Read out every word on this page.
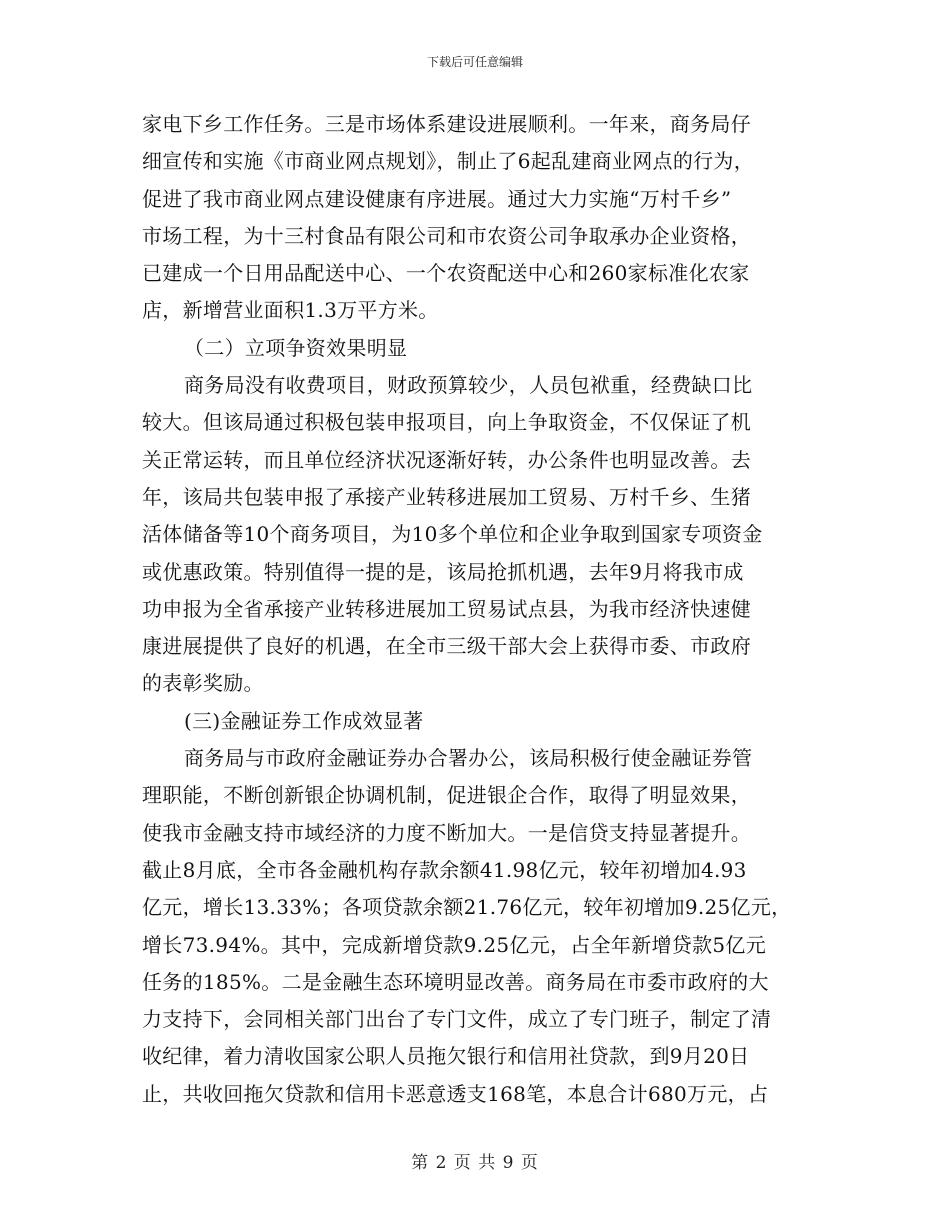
下载后可任意编辑
家电下乡工作任务。三是市场体系建设进展顺利。一年来，商务局仔
细宣传和实施《市商业网点规划》，制止了6起乱建商业网点的行为，
促进了我市商业网点建设健康有序进展。通过大力实施“万村千乡”
市场工程，为十三村食品有限公司和市农资公司争取承办企业资格，
已建成一个日用品配送中心、一个农资配送中心和260家标准化农家
店，新增营业面积1.3万平方米。
（二）立项争资效果明显
商务局没有收费项目，财政预算较少，人员包袱重，经费缺口比
较大。但该局通过积极包装申报项目，向上争取资金，不仅保证了机
关正常运转，而且单位经济状况逐渐好转，办公条件也明显改善。去
年，该局共包装申报了承接产业转移进展加工贸易、万村千乡、生猪
活体储备等10个商务项目，为10多个单位和企业争取到国家专项资金
或优惠政策。特别值得一提的是，该局抢抓机遇，去年9月将我市成
功申报为全省承接产业转移进展加工贸易试点县，为我市经济快速健
康进展提供了良好的机遇，在全市三级干部大会上获得市委、市政府
的表彰奖励。
(三)金融证券工作成效显著
商务局与市政府金融证券办合署办公，该局积极行使金融证券管
理职能，不断创新银企协调机制，促进银企合作，取得了明显效果，
使我市金融支持市域经济的力度不断加大。一是信贷支持显著提升。
截止8月底，全市各金融机构存款余额41.98亿元，较年初增加4.93
亿元，增长13.33%；各项贷款余额21.76亿元，较年初增加9.25亿元，
增长73.94%。其中，完成新增贷款9.25亿元，占全年新增贷款5亿元
任务的185%。二是金融生态环境明显改善。商务局在市委市政府的大
力支持下，会同相关部门出台了专门文件，成立了专门班子，制定了清
收纪律，着力清收国家公职人员拖欠银行和信用社贷款，到9月20日
止，共收回拖欠贷款和信用卡恶意透支168笔，本息合计680万元，占
第 2 页 共 9 页
